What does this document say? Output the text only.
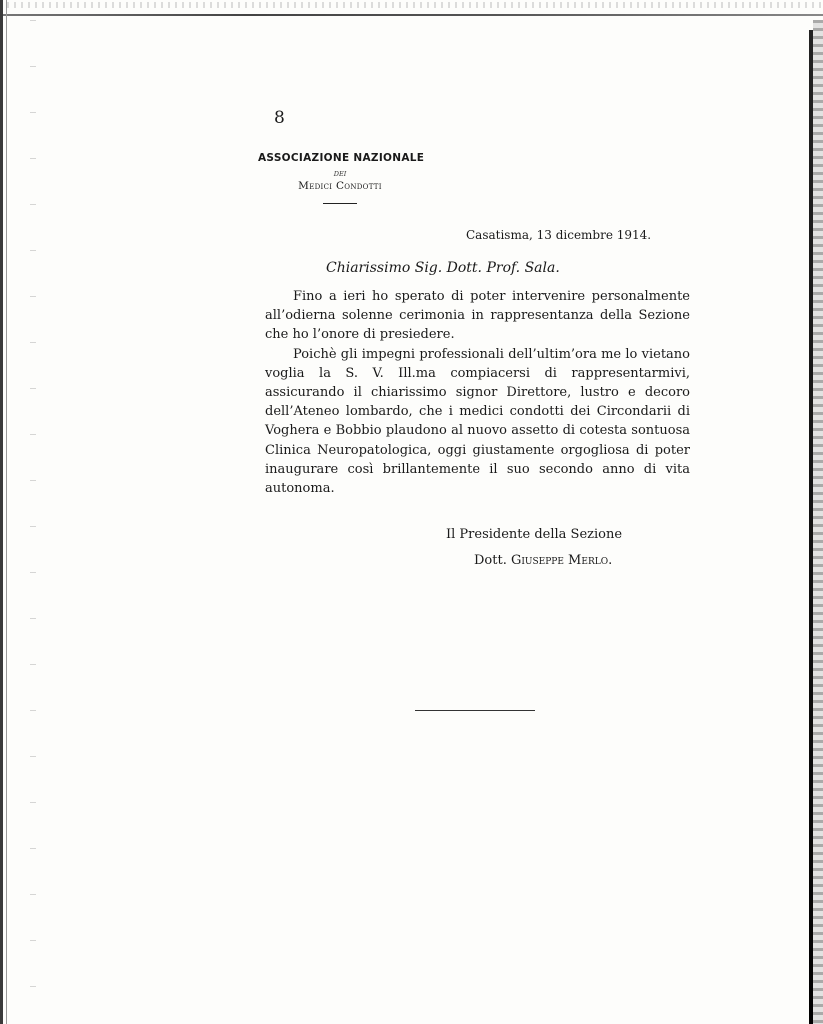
8
ASSOCIAZIONE NAZIONALE
DEI
Medici Condotti
Casatisma, 13 dicembre 1914.
Chiarissimo Sig. Dott. Prof. Sala.

Fino a ieri ho sperato di poter intervenire personalmente all’odierna solenne cerimonia in rappresentanza della Sezione che ho l’onore di presiedere.

Poichè gli impegni professionali dell’ultim’ora me lo vietano voglia la S. V. Ill.ma compiacersi di rappresentarmivi, assicurando il chiarissimo signor Direttore, lustro e decoro dell’Ateneo lombardo, che i medici condotti dei Circondarii di Voghera e Bobbio plaudono al nuovo assetto di cotesta sontuosa Clinica Neuropatologica, oggi giustamente orgogliosa di poter inaugurare così brillantemente il suo secondo anno di vita autonoma.

Il Presidente della Sezione
Dott. Giuseppe Merlo.
